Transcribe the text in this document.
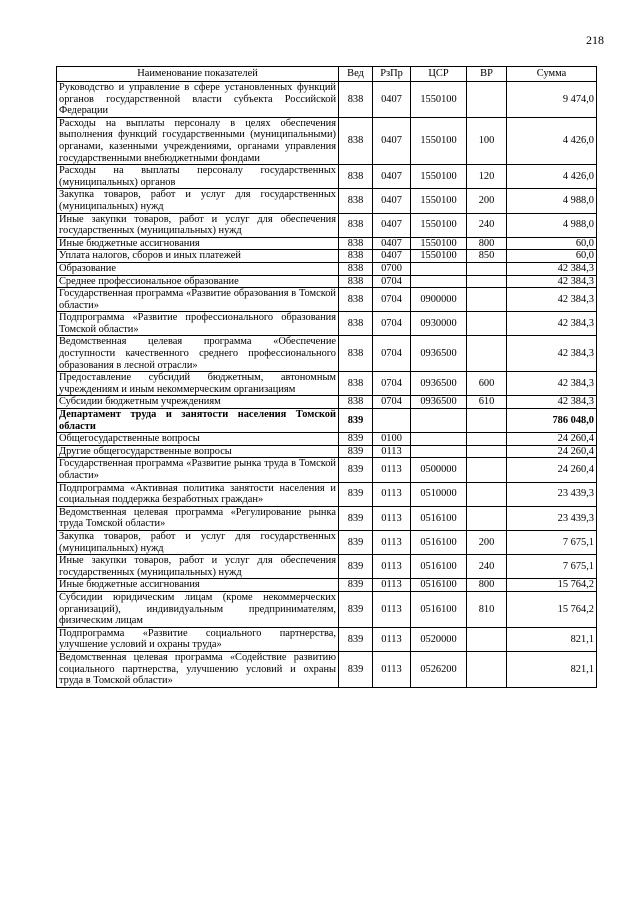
218
Наименование показателей	Вед	РзПр	ЦСР	ВР	Сумма
Руководство и управление в сфере установленных функций органов государственной власти субъекта Российской Федерации	838	0407	1550100		9 474,0
Расходы на выплаты персоналу в целях обеспечения выполнения функций государственными (муниципальными) органами, казенными учреждениями, органами управления государственными внебюджетными фондами	838	0407	1550100	100	4 426,0
Расходы на выплаты персоналу государственных (муниципальных) органов	838	0407	1550100	120	4 426,0
Закупка товаров, работ и услуг для государственных (муниципальных) нужд	838	0407	1550100	200	4 988,0
Иные закупки товаров, работ и услуг для обеспечения государственных (муниципальных) нужд	838	0407	1550100	240	4 988,0
Иные бюджетные ассигнования	838	0407	1550100	800	60,0
Уплата налогов, сборов и иных платежей	838	0407	1550100	850	60,0
Образование	838	0700			42 384,3
Среднее профессиональное образование	838	0704			42 384,3
Государственная программа «Развитие образования в Томской области»	838	0704	0900000		42 384,3
Подпрограмма «Развитие профессионального образования Томской области»	838	0704	0930000		42 384,3
Ведомственная целевая программа «Обеспечение доступности качественного среднего профессионального образования в лесной отрасли»	838	0704	0936500		42 384,3
Предоставление субсидий бюджетным, автономным учреждениям и иным некоммерческим организациям	838	0704	0936500	600	42 384,3
Субсидии бюджетным учреждениям	838	0704	0936500	610	42 384,3
Департамент труда и занятости населения Томской области	839				786 048,0
Общегосударственные вопросы	839	0100			24 260,4
Другие общегосударственные вопросы	839	0113			24 260,4
Государственная программа «Развитие рынка труда в Томской области»	839	0113	0500000		24 260,4
Подпрограмма «Активная политика занятости населения и социальная поддержка безработных граждан»	839	0113	0510000		23 439,3
Ведомственная целевая программа «Регулирование рынка труда Томской области»	839	0113	0516100		23 439,3
Закупка товаров, работ и услуг для государственных (муниципальных) нужд	839	0113	0516100	200	7 675,1
Иные закупки товаров, работ и услуг для обеспечения государственных (муниципальных) нужд	839	0113	0516100	240	7 675,1
Иные бюджетные ассигнования	839	0113	0516100	800	15 764,2
Субсидии юридическим лицам (кроме некоммерческих организаций), индивидуальным предпринимателям, физическим лицам	839	0113	0516100	810	15 764,2
Подпрограмма «Развитие социального партнерства, улучшение условий и охраны труда»	839	0113	0520000		821,1
Ведомственная целевая программа «Содействие развитию социального партнерства, улучшению условий и охраны труда в Томской области»	839	0113	0526200		821,1
